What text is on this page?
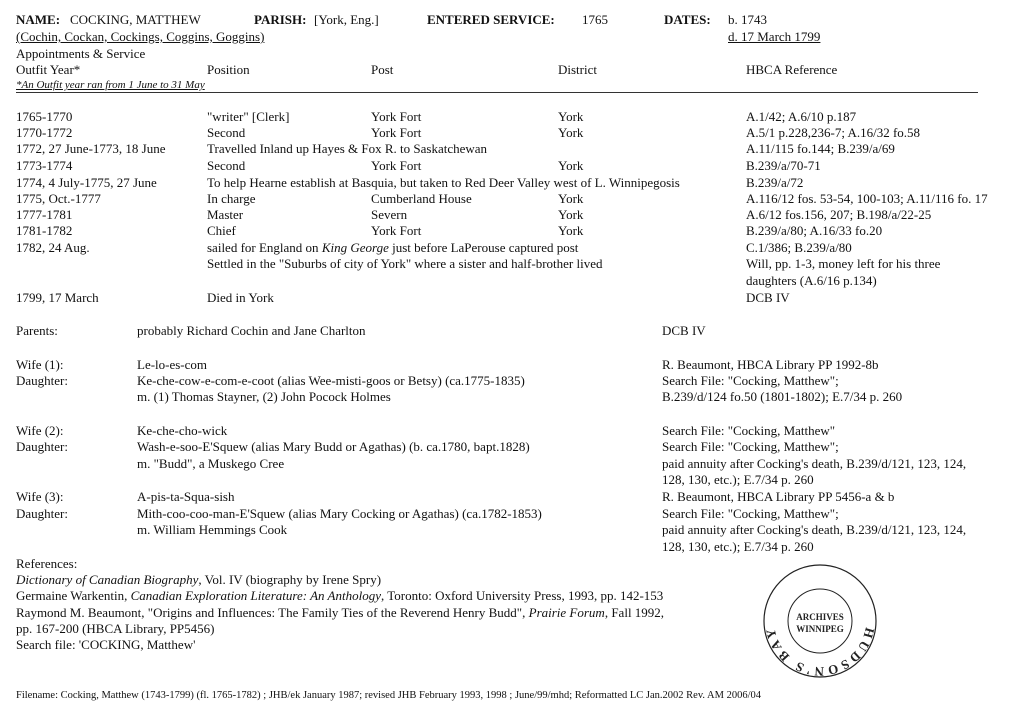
NAME: COCKING, MATTHEW	PARISH: [York, Eng.]	ENTERED SERVICE: 1765	DATES: b. 1743
(Cochin, Cockan, Cockings, Coggins, Goggins)	d. 17 March 1799
Appointments & Service
Outfit Year*	Position	Post	District	HBCA Reference
*An Outfit year ran from 1 June to 31 May
1765-1770	"writer" [Clerk]	York Fort	York	A.1/42; A.6/10 p.187
1770-1772	Second	York Fort	York	A.5/1 p.228,236-7; A.16/32 fo.58
1772, 27 June-1773, 18 June	Travelled Inland up Hayes & Fox R. to Saskatchewan	A.11/115 fo.144; B.239/a/69
1773-1774	Second	York Fort	York	B.239/a/70-71
1774, 4 July-1775, 27 June	To help Hearne establish at Basquia, but taken to Red Deer Valley west of L. Winnipegosis	B.239/a/72
1775, Oct.-1777	In charge	Cumberland House	York	A.116/12 fos. 53-54, 100-103; A.11/116 fo. 17
1777-1781	Master	Severn	York	A.6/12 fos.156, 207; B.198/a/22-25
1781-1782	Chief	York Fort	York	B.239/a/80; A.16/33 fo.20
1782, 24 Aug.	sailed for England on King George just before LaPerouse captured post	C.1/386; B.239/a/80
Settled in the "Suburbs of city of York" where a sister and half-brother lived	Will, pp. 1-3, money left for his three
daughters (A.6/16 p.134)
1799, 17 March	Died in York	DCB IV
Parents:	probably Richard Cochin and Jane Charlton	DCB IV
Wife (1):	Le-lo-es-com	R. Beaumont, HBCA Library PP 1992-8b
Daughter:	Ke-che-cow-e-com-e-coot (alias Wee-misti-goos or Betsy) (ca.1775-1835)	Search File: "Cocking, Matthew";
m. (1) Thomas Stayner, (2) John Pocock Holmes	B.239/d/124 fo.50 (1801-1802); E.7/34 p. 260
Wife (2):	Ke-che-cho-wick	Search File: "Cocking, Matthew"
Daughter:	Wash-e-soo-E'Squew (alias Mary Budd or Agathas) (b. ca.1780, bapt.1828)	Search File: "Cocking, Matthew";
m. "Budd", a Muskego Cree	paid annuity after Cocking's death, B.239/d/121, 123, 124,
128, 130, etc.); E.7/34 p. 260
Wife (3):	A-pis-ta-Squa-sish	R. Beaumont, HBCA Library PP 5456-a & b
Daughter:	Mith-coo-coo-man-E'Squew (alias Mary Cocking or Agathas) (ca.1782-1853)	Search File: "Cocking, Matthew";
m. William Hemmings Cook	paid annuity after Cocking's death, B.239/d/121, 123, 124,
128, 130, etc.); E.7/34 p. 260
References:
Dictionary of Canadian Biography, Vol. IV (biography by Irene Spry)
Germaine Warkentin, Canadian Exploration Literature: An Anthology, Toronto: Oxford University Press, 1993, pp. 142-153
Raymond M. Beaumont, "Origins and Influences: The Family Ties of the Reverend Henry Budd", Prairie Forum, Fall 1992,
pp. 167-200 (HBCA Library, PP5456)
Search file: 'COCKING, Matthew'
HUDSON'S BAY
ARCHIVES
WINNIPEG
Filename: Cocking, Matthew (1743-1799) (fl. 1765-1782) ; JHB/ek January 1987; revised JHB February 1993, 1998 ; June/99/mhd; Reformatted LC Jan.2002 Rev. AM 2006/04
